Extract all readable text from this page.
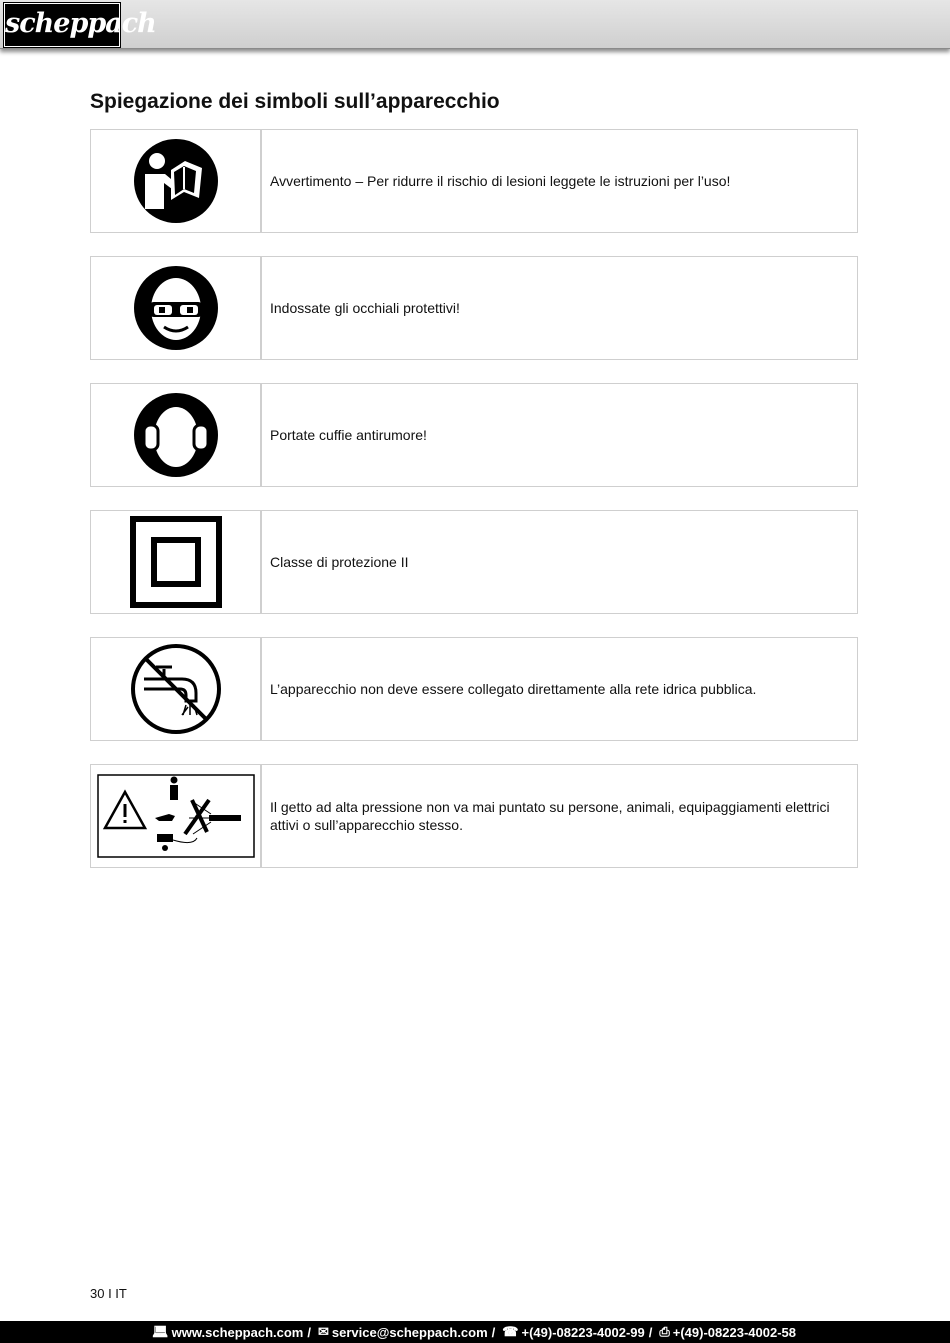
scheppach
Spiegazione dei simboli sull’apparecchio
Avvertimento – Per ridurre il rischio di lesioni leggete le istruzioni per l’uso!
Indossate gli occhiali protettivi!
Portate cuffie antirumore!
Classe di protezione II
L’apparecchio non deve essere collegato direttamente alla rete idrica pubblica.
Il getto ad alta pressione non va mai puntato su persone, animali, equipaggiamenti elettrici attivi o sull’apparecchio stesso.
30 I IT
💻︎ www.scheppach.com / ✉ service@scheppach.com / ☎ +(49)-08223-4002-99 / ⎙ +(49)-08223-4002-58
